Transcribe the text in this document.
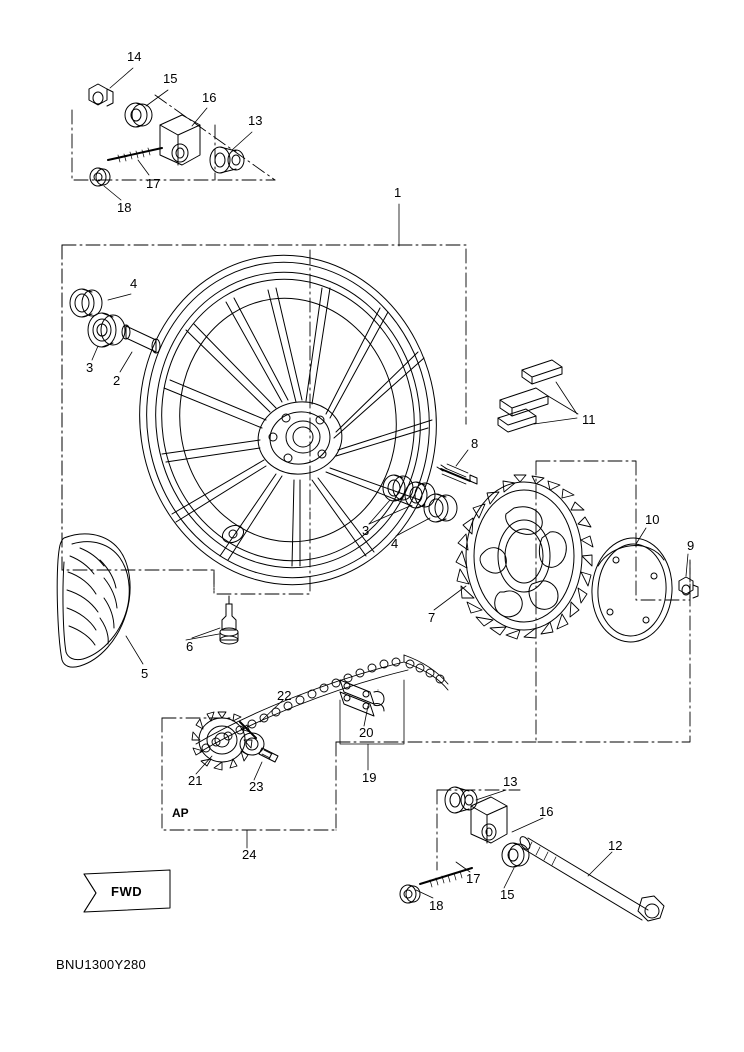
14
15
16
13
17
18
1
4
3
2
11
8
10
9
3
4
5
6
7
22
20
19
21	23
24
13
16
12
15
17
18
AP
FWD
BNU1300Y280
